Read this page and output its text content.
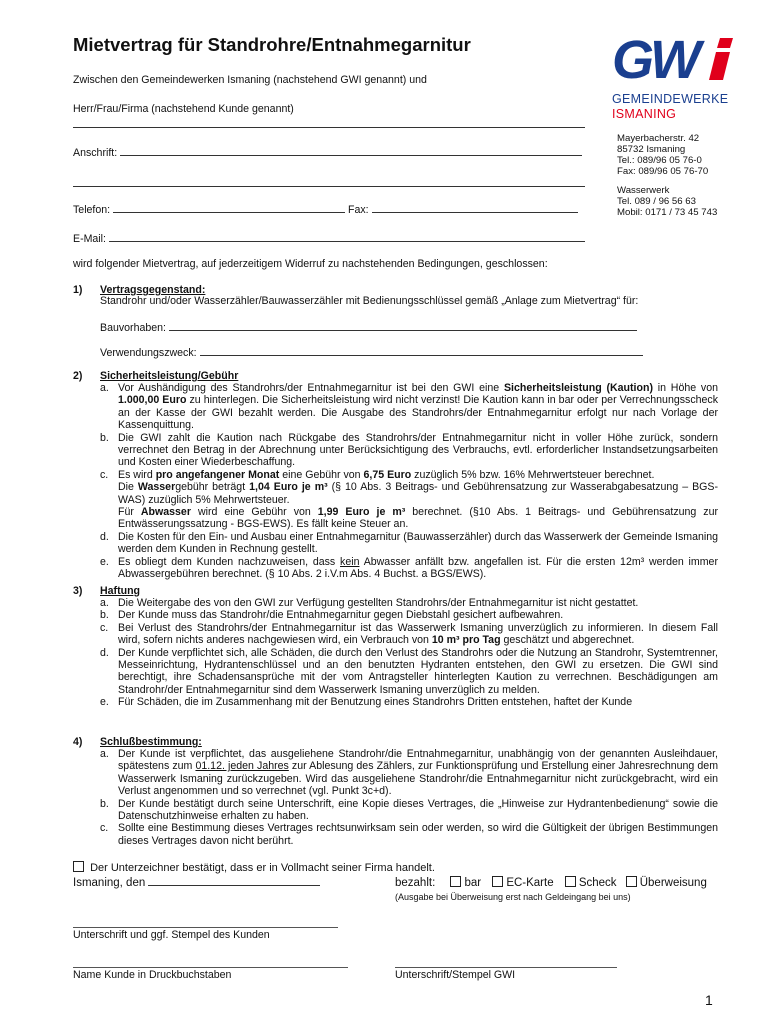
Mietvertrag für Standrohre/Entnahmegarnitur	GW
GEMEINDEWERKE
ISMANING

Mayerbacherstr. 42

85732 Ismaning

Tel.: 089/96 05 76-0

Fax: 089/96 05 76-70

Wasserwerk

Tel. 089 / 96 56 63

Mobil: 0171 / 73 45 743

Zwischen den Gemeindewerken Ismaning (nachstehend GWI genannt) und
Herr/Frau/Firma (nachstehend Kunde genannt)
Anschrift:
Telefon:	Fax:
E-Mail:
wird folgender Mietvertrag, auf jederzeitigem Widerruf zu nachstehenden Bedingungen, geschlossen:
1) Vertragsgegenstand:
Standrohr und/oder Wasserzähler/Bauwasserzähler mit Bedienungsschlüssel gemäß „Anlage zum Mietvertrag“ für:
Bauvorhaben:
Verwendungszweck:
2) Sicherheitsleistung/Gebühr
a. Vor Aushändigung des Standrohrs/der Entnahmegarnitur ist bei den GWI eine Sicherheitsleistung (Kaution) in Höhe von 1.000,00 Euro zu hinterlegen. Die Sicherheitsleistung wird nicht verzinst! Die Kaution kann in bar oder per Verrechnungsscheck an der Kasse der GWI bezahlt werden. Die Ausgabe des Standrohrs/der Entnahmegarnitur erfolgt nur nach Vorlage der Kassenquittung.
b. Die GWI zahlt die Kaution nach Rückgabe des Standrohrs/der Entnahmegarnitur nicht in voller Höhe zurück, sondern verrechnet den Betrag in der Abrechnung unter Berücksichtigung des Verbrauchs, evtl. erforderlicher Instandsetzungsarbeiten und Kosten einer Wiederbeschaffung.
c. Es wird pro angefangener Monat eine Gebühr von 6,75 Euro zuzüglich 5% bzw. 16% Mehrwertsteuer berechnet.
Die Wassergebühr beträgt 1,04 Euro je m³ (§ 10 Abs. 3 Beitrags- und Gebührensatzung zur Wasserabgabesatzung – BGS-WAS) zuzüglich 5% Mehrwertsteuer.
Für Abwasser wird eine Gebühr von 1,99 Euro je m³ berechnet. (§10 Abs. 1 Beitrags- und Gebührensatzung zur Entwässerungssatzung - BGS-EWS). Es fällt keine Steuer an.
d. Die Kosten für den Ein- und Ausbau einer Entnahmegarnitur (Bauwasserzähler) durch das Wasserwerk der Gemeinde Ismaning werden dem Kunden in Rechnung gestellt.
e. Es obliegt dem Kunden nachzuweisen, dass kein Abwasser anfällt bzw. angefallen ist. Für die ersten 12m³ werden immer Abwassergebühren berechnet. (§ 10 Abs. 2 i.V.m Abs. 4 Buchst. a BGS/EWS).
3) Haftung
a. Die Weitergabe des von den GWI zur Verfügung gestellten Standrohrs/der Entnahmegarnitur ist nicht gestattet.
b. Der Kunde muss das Standrohr/die Entnahmegarnitur gegen Diebstahl gesichert aufbewahren.
c. Bei Verlust des Standrohrs/der Entnahmegarnitur ist das Wasserwerk Ismaning unverzüglich zu informieren. In diesem Fall wird, sofern nichts anderes nachgewiesen wird, ein Verbrauch von 10 m³ pro Tag geschätzt und abgerechnet.
d. Der Kunde verpflichtet sich, alle Schäden, die durch den Verlust des Standrohrs oder die Nutzung an Standrohr, Systemtrenner, Messeinrichtung, Hydrantenschlüssel und an den benutzten Hydranten entstehen, den GWI zu ersetzen. Die GWI sind berechtigt, ihre Schadensansprüche mit der vom Antragsteller hinterlegten Kaution zu verrechnen. Beschädigungen am Standrohr/der Entnahmegarnitur sind dem Wasserwerk Ismaning unverzüglich zu melden.
e. Für Schäden, die im Zusammenhang mit der Benutzung eines Standrohrs Dritten entstehen, haftet der Kunde
4) Schlußbestimmung:
a. Der Kunde ist verpflichtet, das ausgeliehene Standrohr/die Entnahmegarnitur, unabhängig von der genannten Ausleihdauer, spätestens zum 01.12. jeden Jahres zur Ablesung des Zählers, zur Funktionsprüfung und Erstellung einer Jahresrechnung dem Wasserwerk Ismaning zurückzugeben. Wird das ausgeliehene Standrohr/die Entnahmegarnitur nicht zurückgebracht, wird ein Verlust angenommen und so verrechnet (vgl. Punkt 3c+d).
b. Der Kunde bestätigt durch seine Unterschrift, eine Kopie dieses Vertrages, die „Hinweise zur Hydrantenbedienung“ sowie die Datenschutzhinweise erhalten zu haben.
c. Sollte eine Bestimmung dieses Vertrages rechtsunwirksam sein oder werden, so wird die Gültigkeit der übrigen Bestimmungen dieses Vertrages davon nicht berührt.
Der Unterzeichner bestätigt, dass er in Vollmacht seiner Firma handelt.
Ismaning, den	bezahlt:	bar EC-Karte Scheck Überweisung
(Ausgabe bei Überweisung erst nach Geldeingang bei uns)
Unterschrift und ggf. Stempel des Kunden
Name Kunde in Druckbuchstaben	Unterschrift/Stempel GWI
1
